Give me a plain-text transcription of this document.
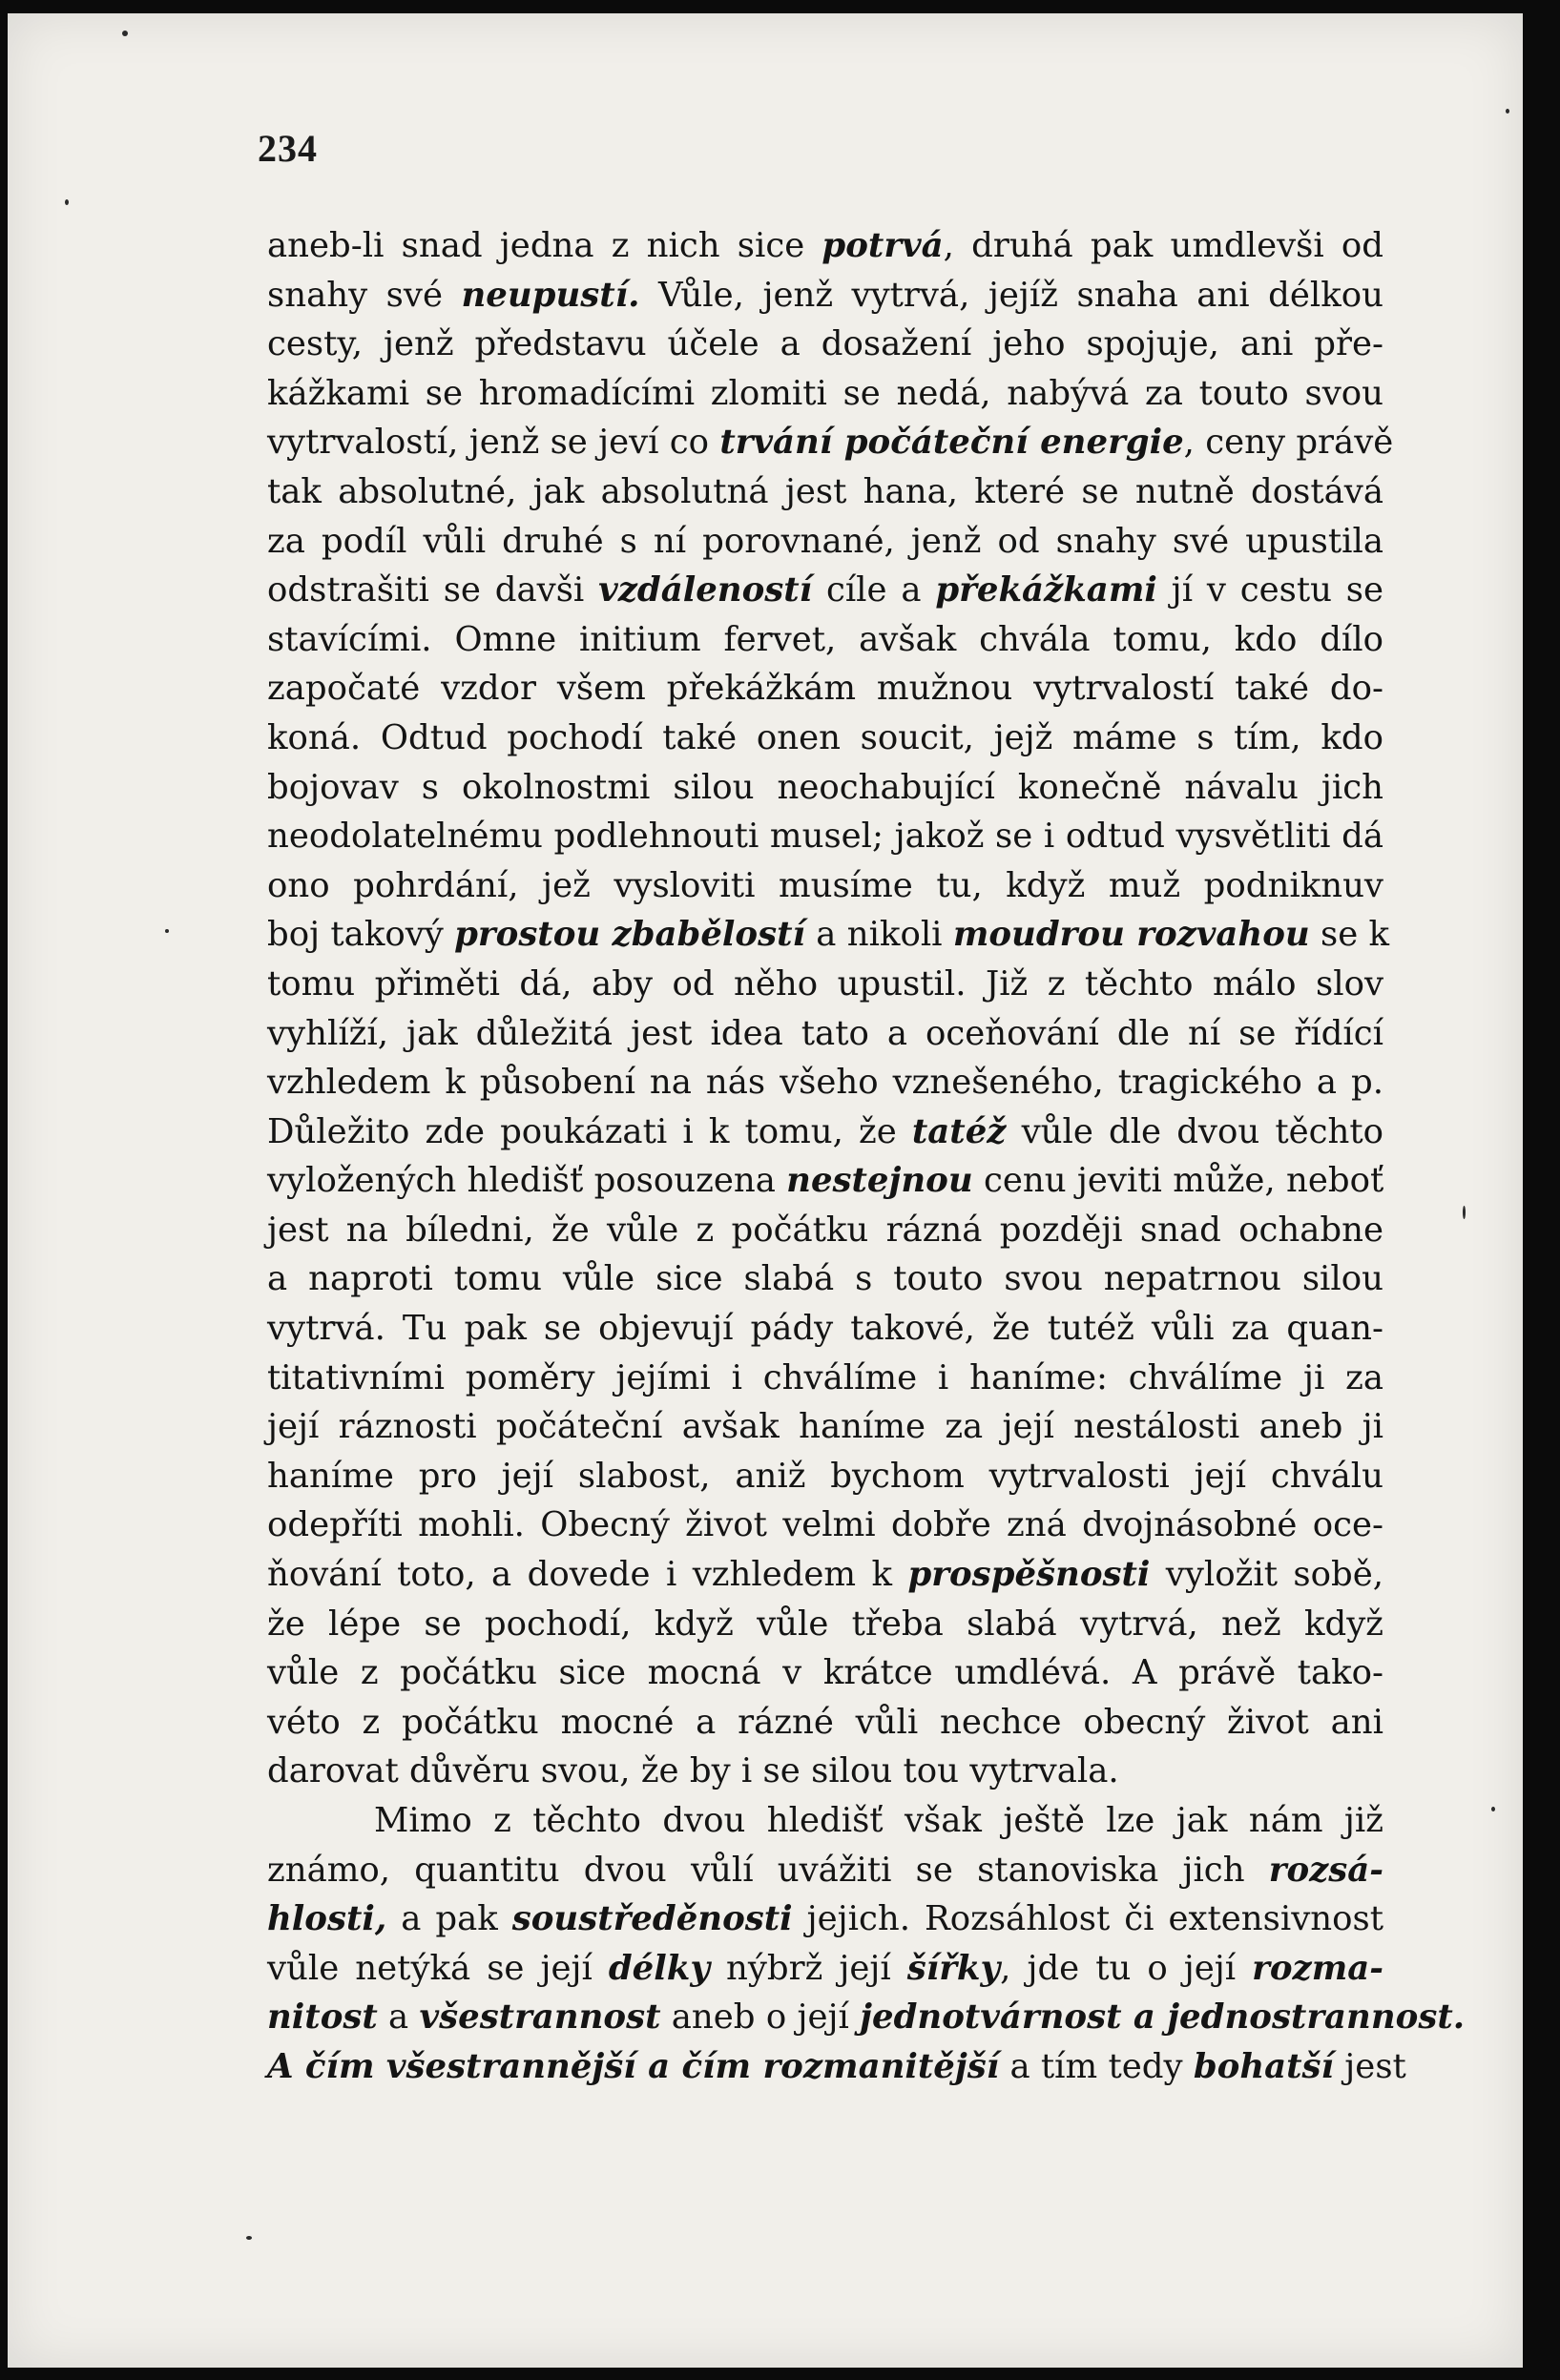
234
aneb-li snad jedna z nich sice potrvá, druhá pak umdlevši od
snahy své neupustí. Vůle, jenž vytrvá, jejíž snaha ani délkou
cesty, jenž představu účele a dosažení jeho spojuje, ani pře-
kážkami se hromadícími zlomiti se nedá, nabývá za touto svou
vytrvalostí, jenž se jeví co trvání počáteční energie, ceny právě
tak absolutné, jak absolutná jest hana, které se nutně dostává
za podíl vůli druhé s ní porovnané, jenž od snahy své upustila
odstrašiti se davši vzdáleností cíle a překážkami jí v cestu se
stavícími. Omne initium fervet, avšak chvála tomu, kdo dílo
započaté vzdor všem překážkám mužnou vytrvalostí také do-
koná. Odtud pochodí také onen soucit, jejž máme s tím, kdo
bojovav s okolnostmi silou neochabující konečně návalu jich
neodolatelnému podlehnouti musel; jakož se i odtud vysvětliti dá
ono pohrdání, jež vysloviti musíme tu, když muž podniknuv
boj takový prostou zbabělostí a nikoli moudrou rozvahou se k
tomu přiměti dá, aby od něho upustil. Již z těchto málo slov
vyhlíží, jak důležitá jest idea tato a oceňování dle ní se řídící
vzhledem k působení na nás všeho vznešeného, tragického a p.
Důležito zde poukázati i k tomu, že tatéž vůle dle dvou těchto
vyložených hledišť posouzena nestejnou cenu jeviti může, neboť
jest na bíledni, že vůle z počátku rázná později snad ochabne
a naproti tomu vůle sice slabá s touto svou nepatrnou silou
vytrvá. Tu pak se objevují pády takové, že tutéž vůli za quan-
titativními poměry jejími i chválíme i haníme: chválíme ji za
její ráznosti počáteční avšak haníme za její nestálosti aneb ji
haníme pro její slabost, aniž bychom vytrvalosti její chválu
odepříti mohli. Obecný život velmi dobře zná dvojnásobné oce-
ňování toto, a dovede i vzhledem k prospěšnosti vyložit sobě,
že lépe se pochodí, když vůle třeba slabá vytrvá, než když
vůle z počátku sice mocná v krátce umdlévá. A právě tako-
véto z počátku mocné a rázné vůli nechce obecný život ani
darovat důvěru svou, že by i se silou tou vytrvala.
Mimo z těchto dvou hledišť však ještě lze jak nám již
známo, quantitu dvou vůlí uvážiti se stanoviska jich rozsá-
hlosti, a pak soustředěnosti jejich. Rozsáhlost či extensivnost
vůle netýká se její délky nýbrž její šířky, jde tu o její rozma-
nitost a všestrannost aneb o její jednotvárnost a jednostrannost.
A čím všestrannější a čím rozmanitější a tím tedy bohatší jest
